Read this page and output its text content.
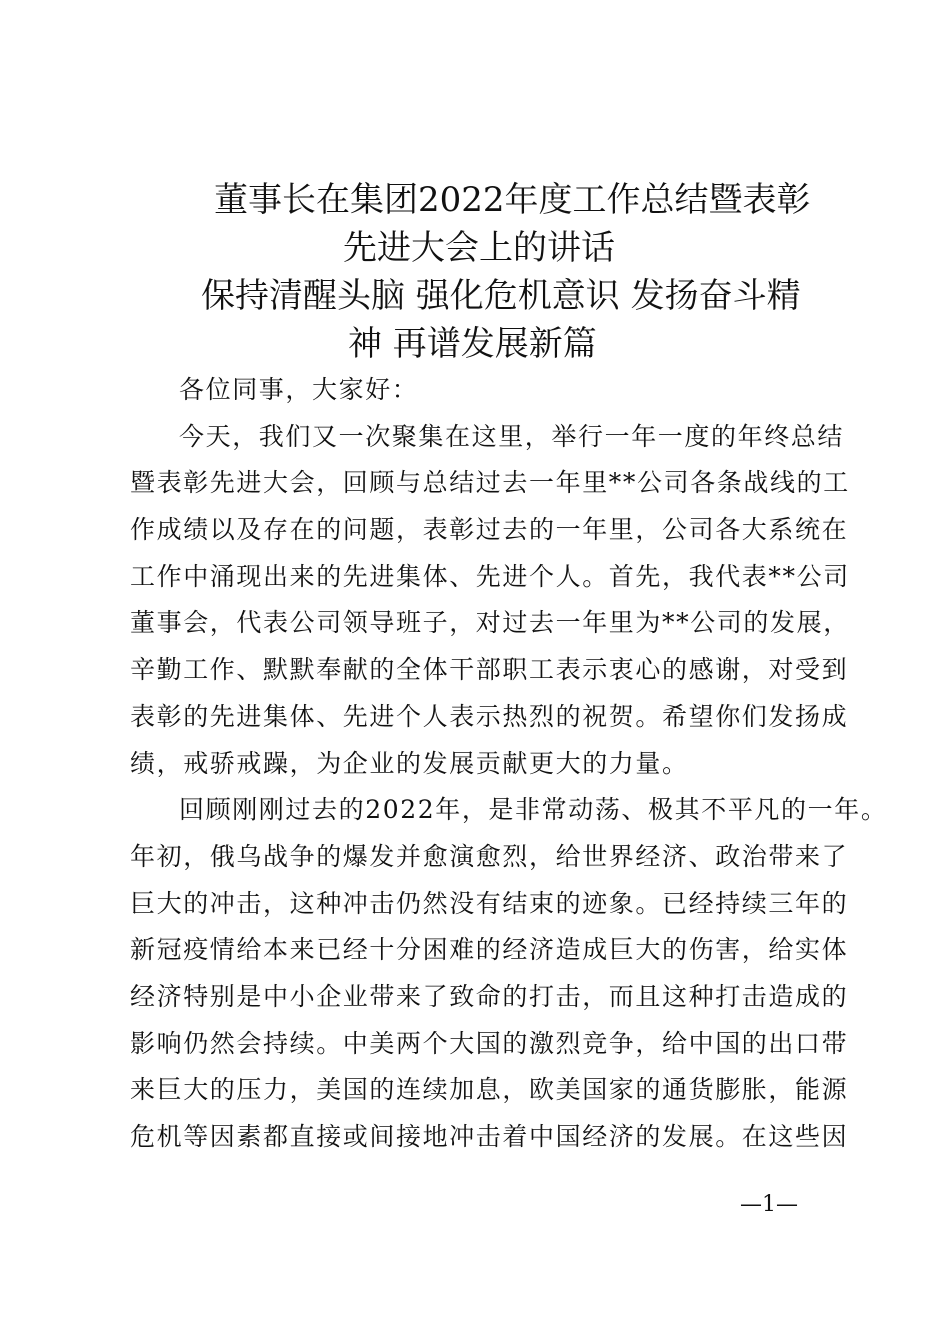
董事长在集团2022年度工作总结暨表彰
先进大会上的讲话
保持清醒头脑 强化危机意识 发扬奋斗精
神 再谱发展新篇
各位同事，大家好：
今天，我们又一次聚集在这里，举行一年一度的年终总结
暨表彰先进大会，回顾与总结过去一年里**公司各条战线的工
作成绩以及存在的问题，表彰过去的一年里，公司各大系统在
工作中涌现出来的先进集体、先进个人。首先，我代表**公司
董事会，代表公司领导班子，对过去一年里为**公司的发展，
辛勤工作、默默奉献的全体干部职工表示衷心的感谢，对受到
表彰的先进集体、先进个人表示热烈的祝贺。希望你们发扬成
绩，戒骄戒躁，为企业的发展贡献更大的力量。
回顾刚刚过去的2022年，是非常动荡、极其不平凡的一年。
年初，俄乌战争的爆发并愈演愈烈，给世界经济、政治带来了
巨大的冲击，这种冲击仍然没有结束的迹象。已经持续三年的
新冠疫情给本来已经十分困难的经济造成巨大的伤害，给实体
经济特别是中小企业带来了致命的打击，而且这种打击造成的
影响仍然会持续。中美两个大国的激烈竞争，给中国的出口带
来巨大的压力，美国的连续加息，欧美国家的通货膨胀，能源
危机等因素都直接或间接地冲击着中国经济的发展。在这些因
—1—
